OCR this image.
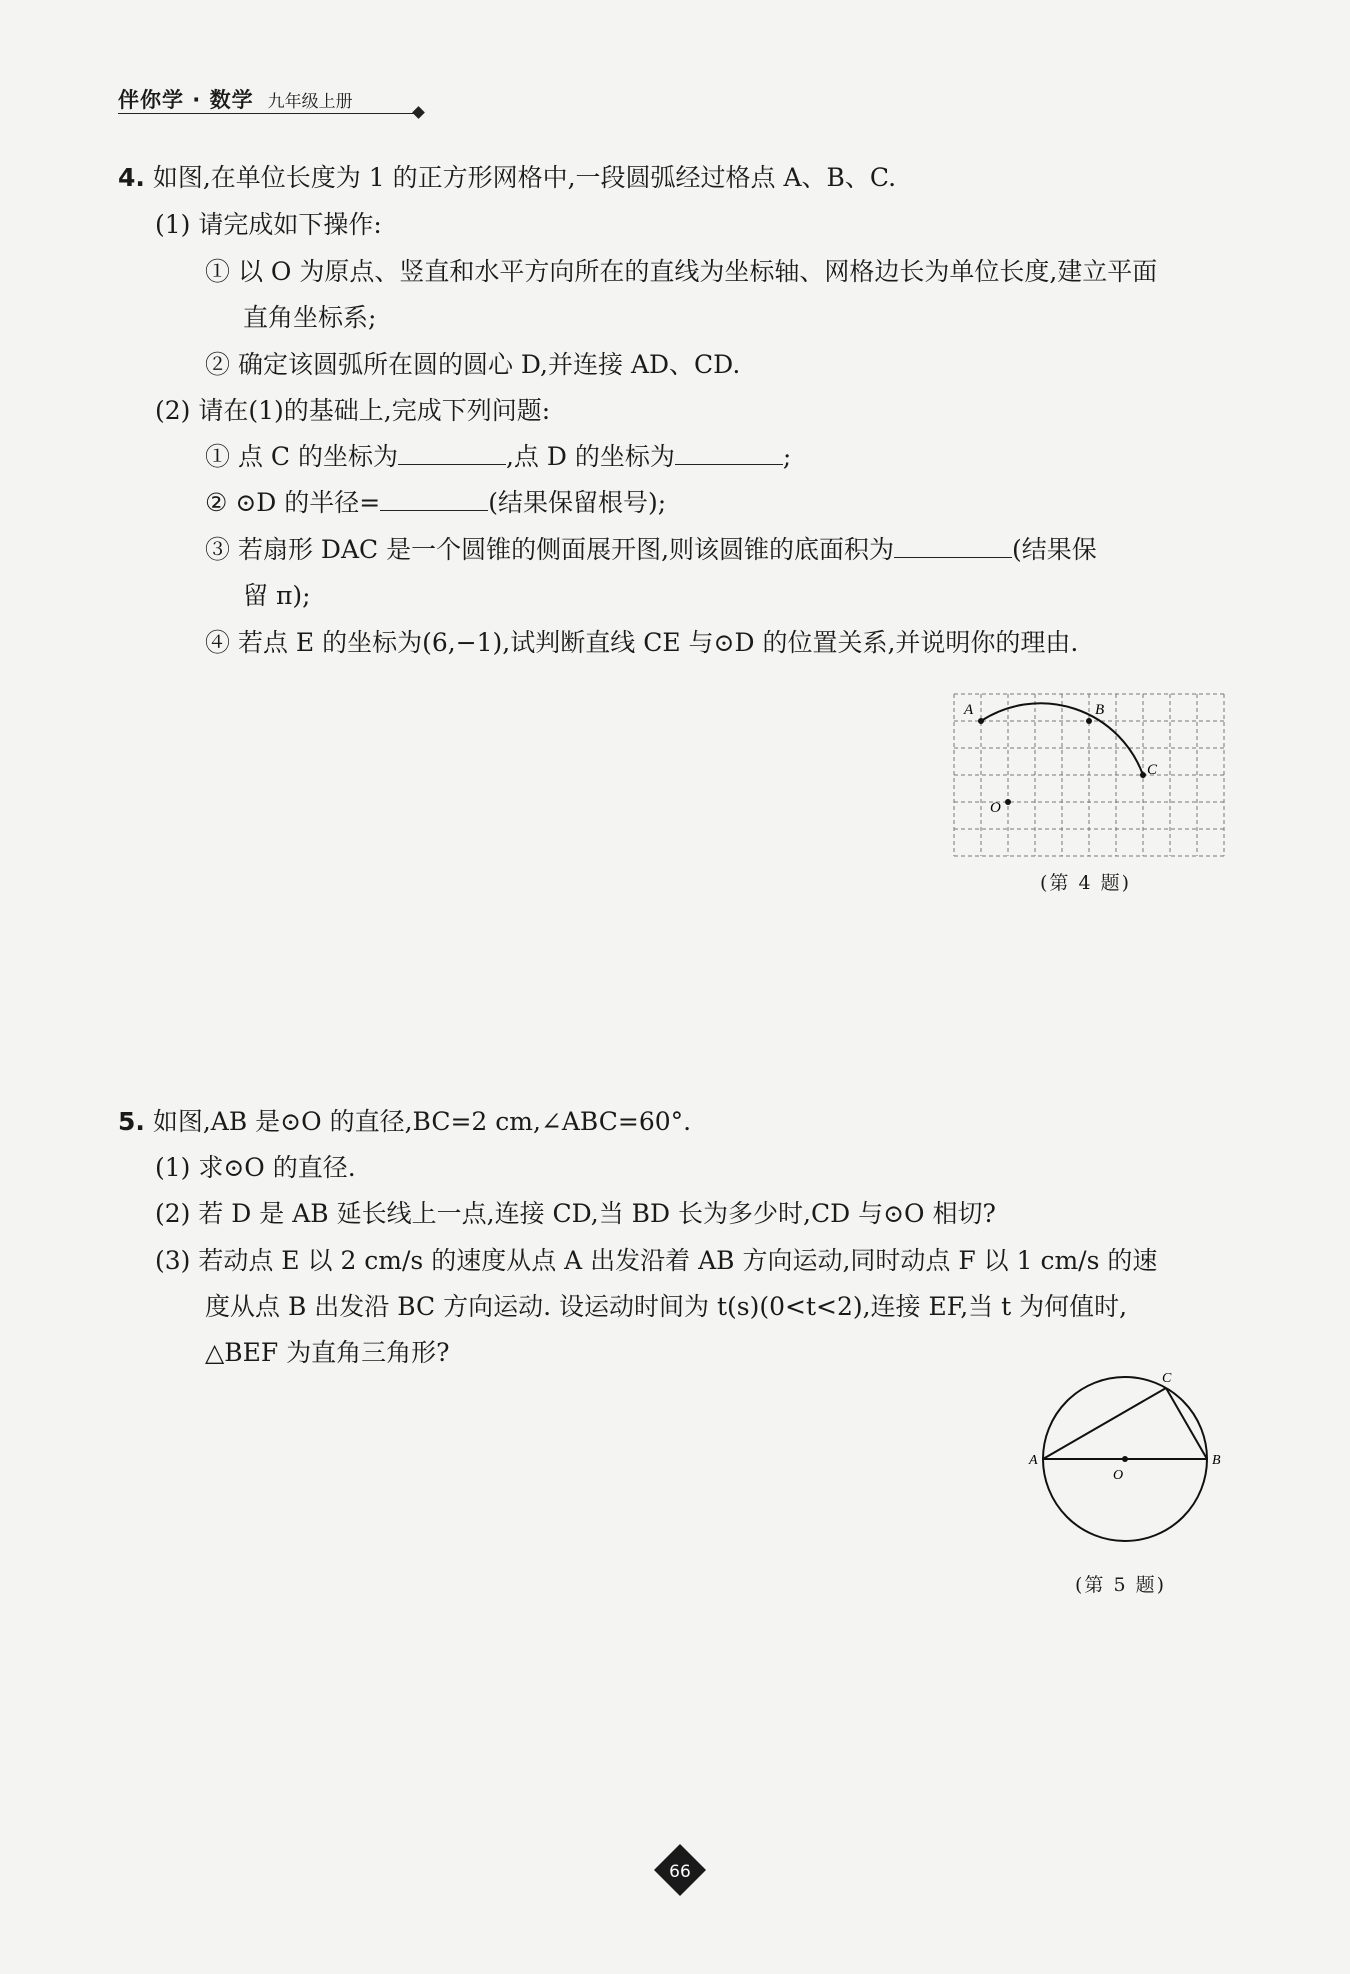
伴你学 · 数学 九年级上册
4. 如图,在单位长度为 1 的正方形网格中,一段圆弧经过格点 A、B、C.
(1) 请完成如下操作:
① 以 O 为原点、竖直和水平方向所在的直线为坐标轴、网格边长为单位长度,建立平面
直角坐标系;
② 确定该圆弧所在圆的圆心 D,并连接 AD、CD.
(2) 请在(1)的基础上,完成下列问题:
① 点 C 的坐标为	,点 D 的坐标为	;
② ⊙D 的半径=	(结果保留根号);
③ 若扇形 DAC 是一个圆锥的侧面展开图,则该圆锥的底面积为	(结果保
留 π);
④ 若点 E 的坐标为(6,−1),试判断直线 CE 与⊙D 的位置关系,并说明你的理由.
A	B
C
O
(第 4 题)
5. 如图,AB 是⊙O 的直径,BC=2 cm,∠ABC=60°.
(1) 求⊙O 的直径.
(2) 若 D 是 AB 延长线上一点,连接 CD,当 BD 长为多少时,CD 与⊙O 相切?
(3) 若动点 E 以 2 cm/s 的速度从点 A 出发沿着 AB 方向运动,同时动点 F 以 1 cm/s 的速
度从点 B 出发沿 BC 方向运动. 设运动时间为 t(s)(0<t<2),连接 EF,当 t 为何值时,
△BEF 为直角三角形?
A	B
C
O
(第 5 题)
66
